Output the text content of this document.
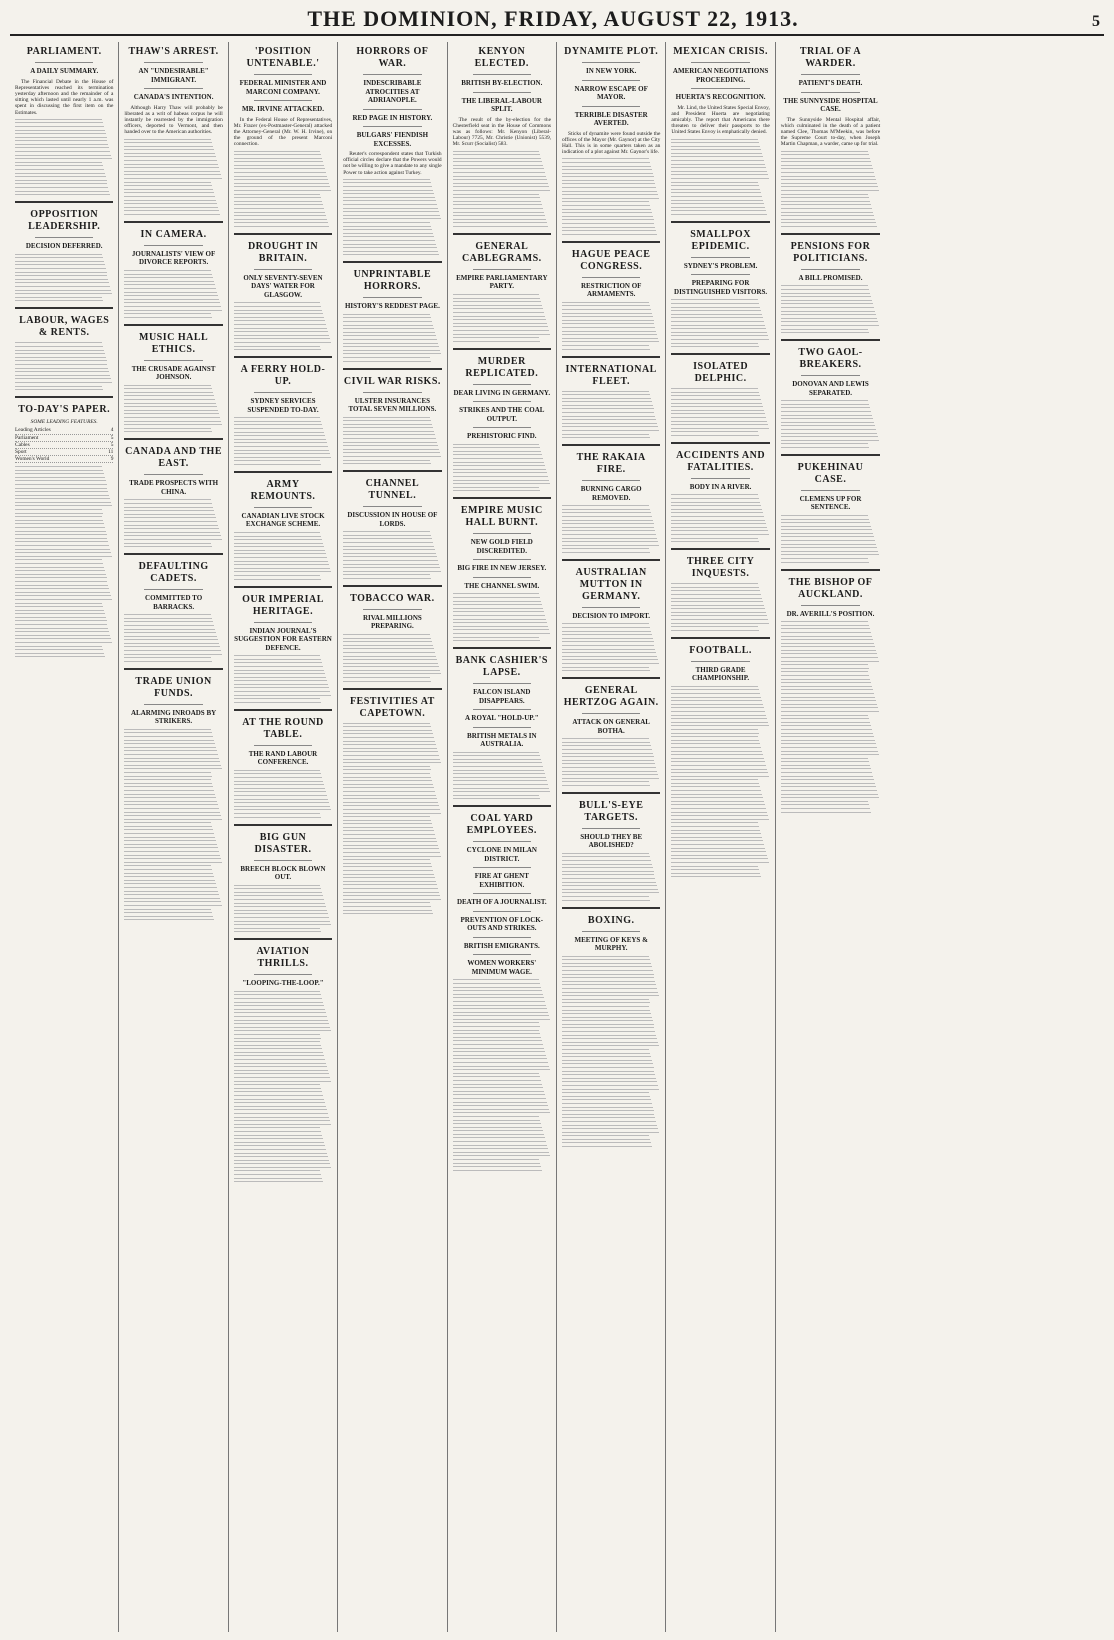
THE DOMINION, FRIDAY, AUGUST 22, 1913.	5
PARLIAMENT.
A DAILY SUMMARY.

The Financial Debate in the House of Representatives reached its termination yesterday afternoon and the remainder of a sitting which lasted until nearly 1 a.m. was spent in discussing the first item on the Estimates.

OPPOSITION LEADERSHIP.
DECISION DEFERRED.
LABOUR, WAGES & RENTS.
TO-DAY'S PAPER.
SOME LEADING FEATURES.
Leading Articles	4
Parliament	5
Cables	5
Sport	11
Women's World	9
THAW'S ARREST.
AN "UNDESIRABLE" IMMIGRANT.
CANADA'S INTENTION.

Although Harry Thaw will probably be liberated as a writ of habeas corpus he will instantly be rearrested by the immigration officers, deported to Vermont, and then handed over to the American authorities.

IN CAMERA.
JOURNALISTS' VIEW OF DIVORCE REPORTS.
MUSIC HALL ETHICS.
THE CRUSADE AGAINST JOHNSON.
CANADA AND THE EAST.
TRADE PROSPECTS WITH CHINA.
DEFAULTING CADETS.
COMMITTED TO BARRACKS.
TRADE UNION FUNDS.
ALARMING INROADS BY STRIKERS.
'POSITION UNTENABLE.'
FEDERAL MINISTER AND MARCONI COMPANY.
MR. IRVINE ATTACKED.

In the Federal House of Representatives, Mr. Frazer (ex-Postmaster-General) attacked the Attorney-General (Mr. W. H. Irvine), on the ground of the present Marconi connection.

DROUGHT IN BRITAIN.
ONLY SEVENTY-SEVEN DAYS' WATER FOR GLASGOW.
A FERRY HOLD-UP.
SYDNEY SERVICES SUSPENDED TO-DAY.
ARMY REMOUNTS.
CANADIAN LIVE STOCK EXCHANGE SCHEME.
OUR IMPERIAL HERITAGE.
INDIAN JOURNAL'S SUGGESTION FOR EASTERN DEFENCE.
AT THE ROUND TABLE.
THE RAND LABOUR CONFERENCE.
BIG GUN DISASTER.
BREECH BLOCK BLOWN OUT.
AVIATION THRILLS.
"LOOPING-THE-LOOP."
HORRORS OF WAR.
INDESCRIBABLE ATROCITIES AT ADRIANOPLE.
RED PAGE IN HISTORY.
BULGARS' FIENDISH EXCESSES.

Reuter's correspondent states that Turkish official circles declare that the Powers would not be willing to give a mandate to any single Power to take action against Turkey.

UNPRINTABLE HORRORS.
HISTORY'S REDDEST PAGE.
CIVIL WAR RISKS.
ULSTER INSURANCES TOTAL SEVEN MILLIONS.
CHANNEL TUNNEL.
DISCUSSION IN HOUSE OF LORDS.
TOBACCO WAR.
RIVAL MILLIONS PREPARING.
FESTIVITIES AT CAPETOWN.
KENYON ELECTED.
BRITISH BY-ELECTION.
THE LIBERAL-LABOUR SPLIT.

The result of the by-election for the Chesterfield seat in the House of Commons was as follows: Mr. Kenyon (Liberal-Labour) 7725, Mr. Christie (Unionist) 5539, Mr. Scurr (Socialist) 583.

GENERAL CABLEGRAMS.
EMPIRE PARLIAMENTARY PARTY.
MURDER REPLICATED.
DEAR LIVING IN GERMANY.
STRIKES AND THE COAL OUTPUT.
PREHISTORIC FIND.
EMPIRE MUSIC HALL BURNT.
NEW GOLD FIELD DISCREDITED.
BIG FIRE IN NEW JERSEY.
THE CHANNEL SWIM.
BANK CASHIER'S LAPSE.
FALCON ISLAND DISAPPEARS.
A ROYAL "HOLD-UP."
BRITISH METALS IN AUSTRALIA.
COAL YARD EMPLOYEES.
CYCLONE IN MILAN DISTRICT.
FIRE AT GHENT EXHIBITION.
DEATH OF A JOURNALIST.
PREVENTION OF LOCK-OUTS AND STRIKES.
BRITISH EMIGRANTS.
WOMEN WORKERS' MINIMUM WAGE.
DYNAMITE PLOT.
IN NEW YORK.
NARROW ESCAPE OF MAYOR.
TERRIBLE DISASTER AVERTED.

Sticks of dynamite were found outside the offices of the Mayor (Mr. Gaynor) at the City Hall. This is in some quarters taken as an indication of a plot against Mr. Gaynor's life.

HAGUE PEACE CONGRESS.
RESTRICTION OF ARMAMENTS.
INTERNATIONAL FLEET.
THE RAKAIA FIRE.
BURNING CARGO REMOVED.
AUSTRALIAN MUTTON IN GERMANY.
DECISION TO IMPORT.
GENERAL HERTZOG AGAIN.
ATTACK ON GENERAL BOTHA.
BULL'S-EYE TARGETS.
SHOULD THEY BE ABOLISHED?
BOXING.
MEETING OF KEYS & MURPHY.
MEXICAN CRISIS.
AMERICAN NEGOTIATIONS PROCEEDING.
HUERTA'S RECOGNITION.

Mr. Lind, the United States Special Envoy, and President Huerta are negotiating amicably. The report that Americans there threaten to deliver their passports to the United States Envoy is emphatically denied.

SMALLPOX EPIDEMIC.
SYDNEY'S PROBLEM.
PREPARING FOR DISTINGUISHED VISITORS.
ISOLATED DELPHIC.
ACCIDENTS AND FATALITIES.
BODY IN A RIVER.
THREE CITY INQUESTS.
FOOTBALL.
THIRD GRADE CHAMPIONSHIP.
TRIAL OF A WARDER.
PATIENT'S DEATH.
THE SUNNYSIDE HOSPITAL CASE.

The Sunnyside Mental Hospital affair, which culminated in the death of a patient named Clee, Thomas M'Meekin, was before the Supreme Court to-day, when Joseph Martin Chapman, a warder, came up for trial.

PENSIONS FOR POLITICIANS.
A BILL PROMISED.
TWO GAOL-BREAKERS.
DONOVAN AND LEWIS SEPARATED.
PUKEHINAU CASE.
CLEMENS UP FOR SENTENCE.
THE BISHOP OF AUCKLAND.
DR. AVERILL'S POSITION.
